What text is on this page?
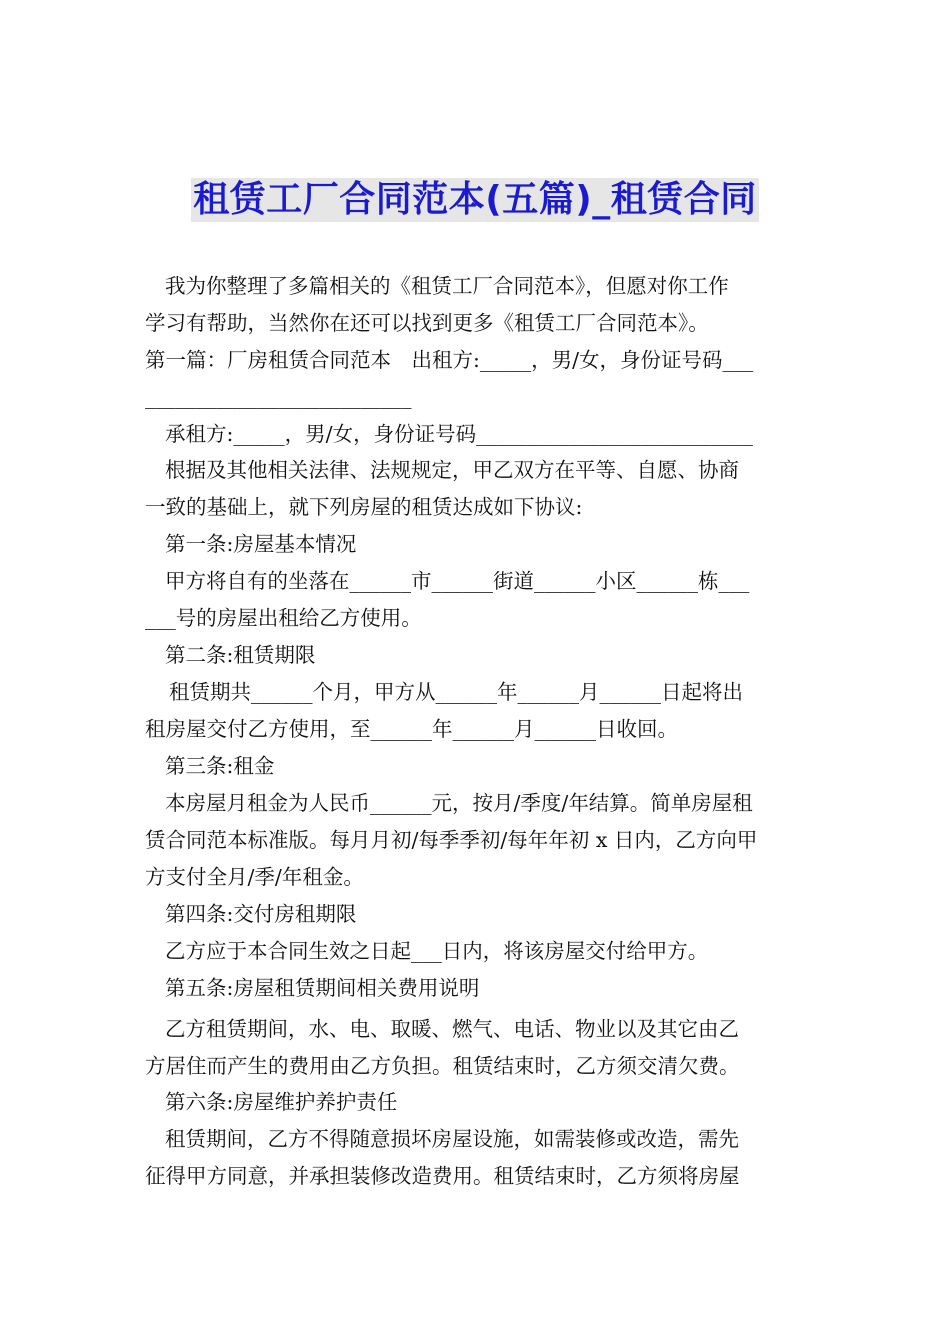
租赁工厂合同范本(五篇)_租赁合同
我为你整理了多篇相关的《租赁工厂合同范本》，但愿对你工作
学习有帮助，当然你在还可以找到更多《租赁工厂合同范本》。
第一篇：厂房租赁合同范本　出租方:_____，男/女，身份证号码___
__________________________
承租方:_____，男/女，身份证号码___________________________
根据及其他相关法律、法规规定，甲乙双方在平等、自愿、协商
一致的基础上，就下列房屋的租赁达成如下协议:
第一条:房屋基本情况
甲方将自有的坐落在______市______街道______小区______栋___
___号的房屋出租给乙方使用。
第二条:租赁期限
租赁期共______个月，甲方从______年______月______日起将出
租房屋交付乙方使用，至______年______月______日收回。
第三条:租金
本房屋月租金为人民币______元，按月/季度/年结算。简单房屋租
赁合同范本标准版。每月月初/每季季初/每年年初 x 日内，乙方向甲
方支付全月/季/年租金。
第四条:交付房租期限
乙方应于本合同生效之日起___日内，将该房屋交付给甲方。
第五条:房屋租赁期间相关费用说明
乙方租赁期间，水、电、取暖、燃气、电话、物业以及其它由乙
方居住而产生的费用由乙方负担。租赁结束时，乙方须交清欠费。
第六条:房屋维护养护责任
租赁期间，乙方不得随意损坏房屋设施，如需装修或改造，需先
征得甲方同意，并承担装修改造费用。租赁结束时，乙方须将房屋
